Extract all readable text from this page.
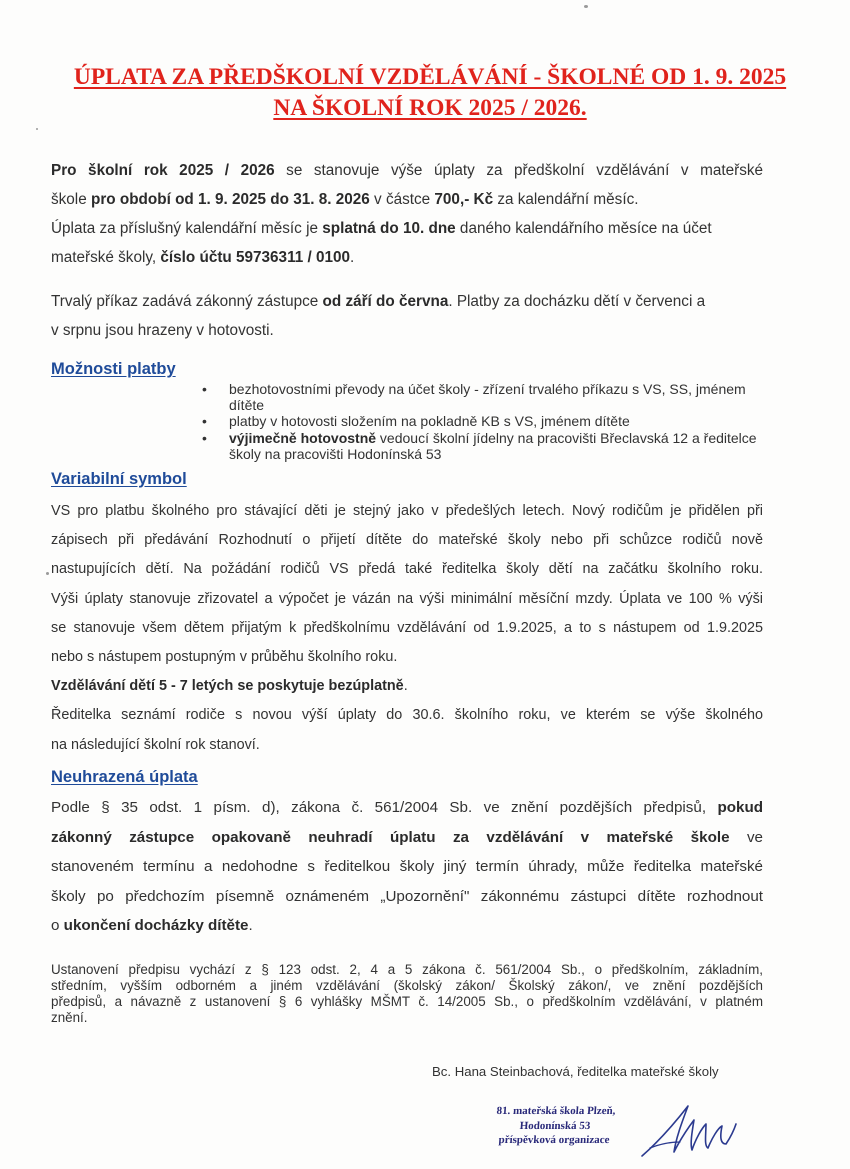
ÚPLATA ZA PŘEDŠKOLNÍ VZDĚLÁVÁNÍ - ŠKOLNÉ OD 1. 9. 2025
NA ŠKOLNÍ ROK 2025 / 2026.
Pro školní rok 2025 / 2026 se stanovuje výše úplaty za předškolní vzdělávání v mateřské
škole pro období od 1. 9. 2025 do 31. 8. 2026 v částce 700,- Kč za kalendářní měsíc.
Úplata za příslušný kalendářní měsíc je splatná do 10. dne daného kalendářního měsíce na účet
mateřské školy, číslo účtu 59736311 / 0100.
Trvalý příkaz zadává zákonný zástupce od září do června. Platby za docházku dětí v červenci a
v srpnu jsou hrazeny v hotovosti.
Možnosti platby
• bezhotovostními převody na účet školy - zřízení trvalého příkazu s VS, SS, jménem dítěte
• platby v hotovosti složením na pokladně KB s VS, jménem dítěte
• výjimečně hotovostně vedoucí školní jídelny na pracovišti Břeclavská 12 a ředitelce školy na pracovišti Hodonínská 53
Variabilní symbol
VS pro platbu školného pro stávající děti je stejný jako v předešlých letech. Nový rodičům je přidělen při
zápisech při předávání Rozhodnutí o přijetí dítěte do mateřské školy nebo při schůzce rodičů nově
nastupujících dětí. Na požádání rodičů VS předá také ředitelka školy dětí na začátku školního roku.
Výši úplaty stanovuje zřizovatel a výpočet je vázán na výši minimální měsíční mzdy. Úplata ve 100 % výši
se stanovuje všem dětem přijatým k předškolnímu vzdělávání od 1.9.2025, a to s nástupem od 1.9.2025
nebo s nástupem postupným v průběhu školního roku.
Vzdělávání dětí 5 - 7 letých se poskytuje bezúplatně.
Ředitelka seznámí rodiče s novou výší úplaty do 30.6. školního roku, ve kterém se výše školného
na následující školní rok stanoví.
Neuhrazená úplata
Podle § 35 odst. 1 písm. d), zákona č. 561/2004 Sb. ve znění pozdějších předpisů, pokud
zákonný zástupce opakovaně neuhradí úplatu za vzdělávání v mateřské škole ve
stanoveném termínu a nedohodne s ředitelkou školy jiný termín úhrady, může ředitelka mateřské
školy po předchozím písemně oznámeném „Upozornění" zákonnému zástupci dítěte rozhodnout
o ukončení docházky dítěte.
Ustanovení předpisu vychází z § 123 odst. 2, 4 a 5 zákona č. 561/2004 Sb., o předškolním, základním,
středním, vyšším odborném a jiném vzdělávání (školský zákon/ Školský zákon/, ve znění pozdějších
předpisů, a návazně z ustanovení § 6 vyhlášky MŠMT č. 14/2005 Sb., o předškolním vzdělávání, v platném
znění.
Bc. Hana Steinbachová, ředitelka mateřské školy
81. mateřská škola Plzeň,
Hodonínská 53
příspěvková organizace
